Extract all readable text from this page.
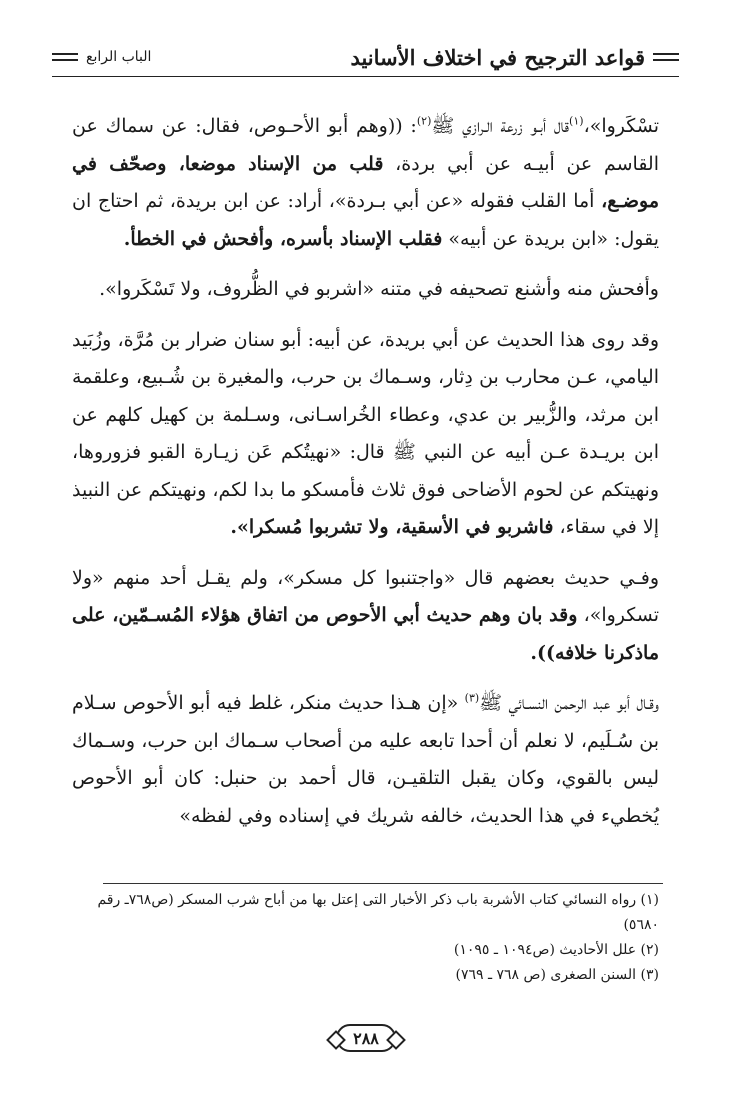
قواعد الترجيح في اختلاف الأسانيد
الباب الرابع

تسْكَروا»،$^{(١)}$قال أبـو زرعة الـرازي ﷺ$^{(٢)}$: ((وهم أبو الأحـوص، فقال: عن سماك عن القاسم عن أبيـه عن أبي بردة، قلب من الإسناد موضعا، وصحّف في موضـع، أما القلب فقوله «عن أبي بـردة»، أراد: عن ابن بريدة، ثم احتاج ان يقول: «ابن بريدة عن أبيه» فقلب الإسناد بأسره، وأفحش في الخطأ.

وأفحش منه وأشنع تصحيفه في متنه «اشربو في الظُّروف، ولا تَسْكَروا».

وقد روى هذا الحديث عن أبي بريدة، عن أبيه: أبو سنان ضرار بن مُرَّة، وزُبَيد اليامي، عـن محارب بن دِثار، وسـماك بن حرب، والمغيرة بن شُـبيع، وعلقمة ابن مرثد، والزُّبير بن عدي، وعطاء الخُراسـانى، وسـلمة بن كهيل كلهم عن ابن بريـدة عـن أبيه عن النبي ﷺ قال: «نهيتُكم عَن زيـارة القبو فزوروها، ونهيتكم عن لحوم الأضاحى فوق ثلاث فأمسكو ما بدا لكم، ونهيتكم عن النبيذ إلا في سقاء، فاشربو في الأسقية، ولا تشربوا مُسكرا».

وفـي حديث بعضهم قال «واجتنبوا كل مسكر»، ولم يقـل أحد منهم «ولا تسكروا»، وقد بان وهم حديث أبي الأحوص من اتفاق هؤلاء المُسـمّين، على ماذكرنا خلافه)).

وقـال أبو عبد الرحمن النسـائي ﷺ$^{(٣)}$ «إن هـذا حديث منكر، غلط فيه أبو الأحوص سـلام بن سُـلَيم، لا نعلم أن أحدا تابعه عليه من أصحاب سـماك ابن حرب، وسـماك ليس بالقوي، وكان يقبل التلقيـن، قال أحمد بن حنبل: كان أبو الأحوص يُخطيء في هذا الحديث، خالفه شريك في إسناده وفي لفظه»

(١) رواه النسائي كتاب الأشربة باب ذكر الأخبار التى إعتل بها من أباح شرب المسكر (ص٧٦٨ـ رقم ٥٦٨٠)
(٢) علل الأحاديث (ص١٠٩٤ ـ ١٠٩٥)
(٣) السنن الصغرى (ص ٧٦٨ ـ ٧٦٩)
٢٨٨
